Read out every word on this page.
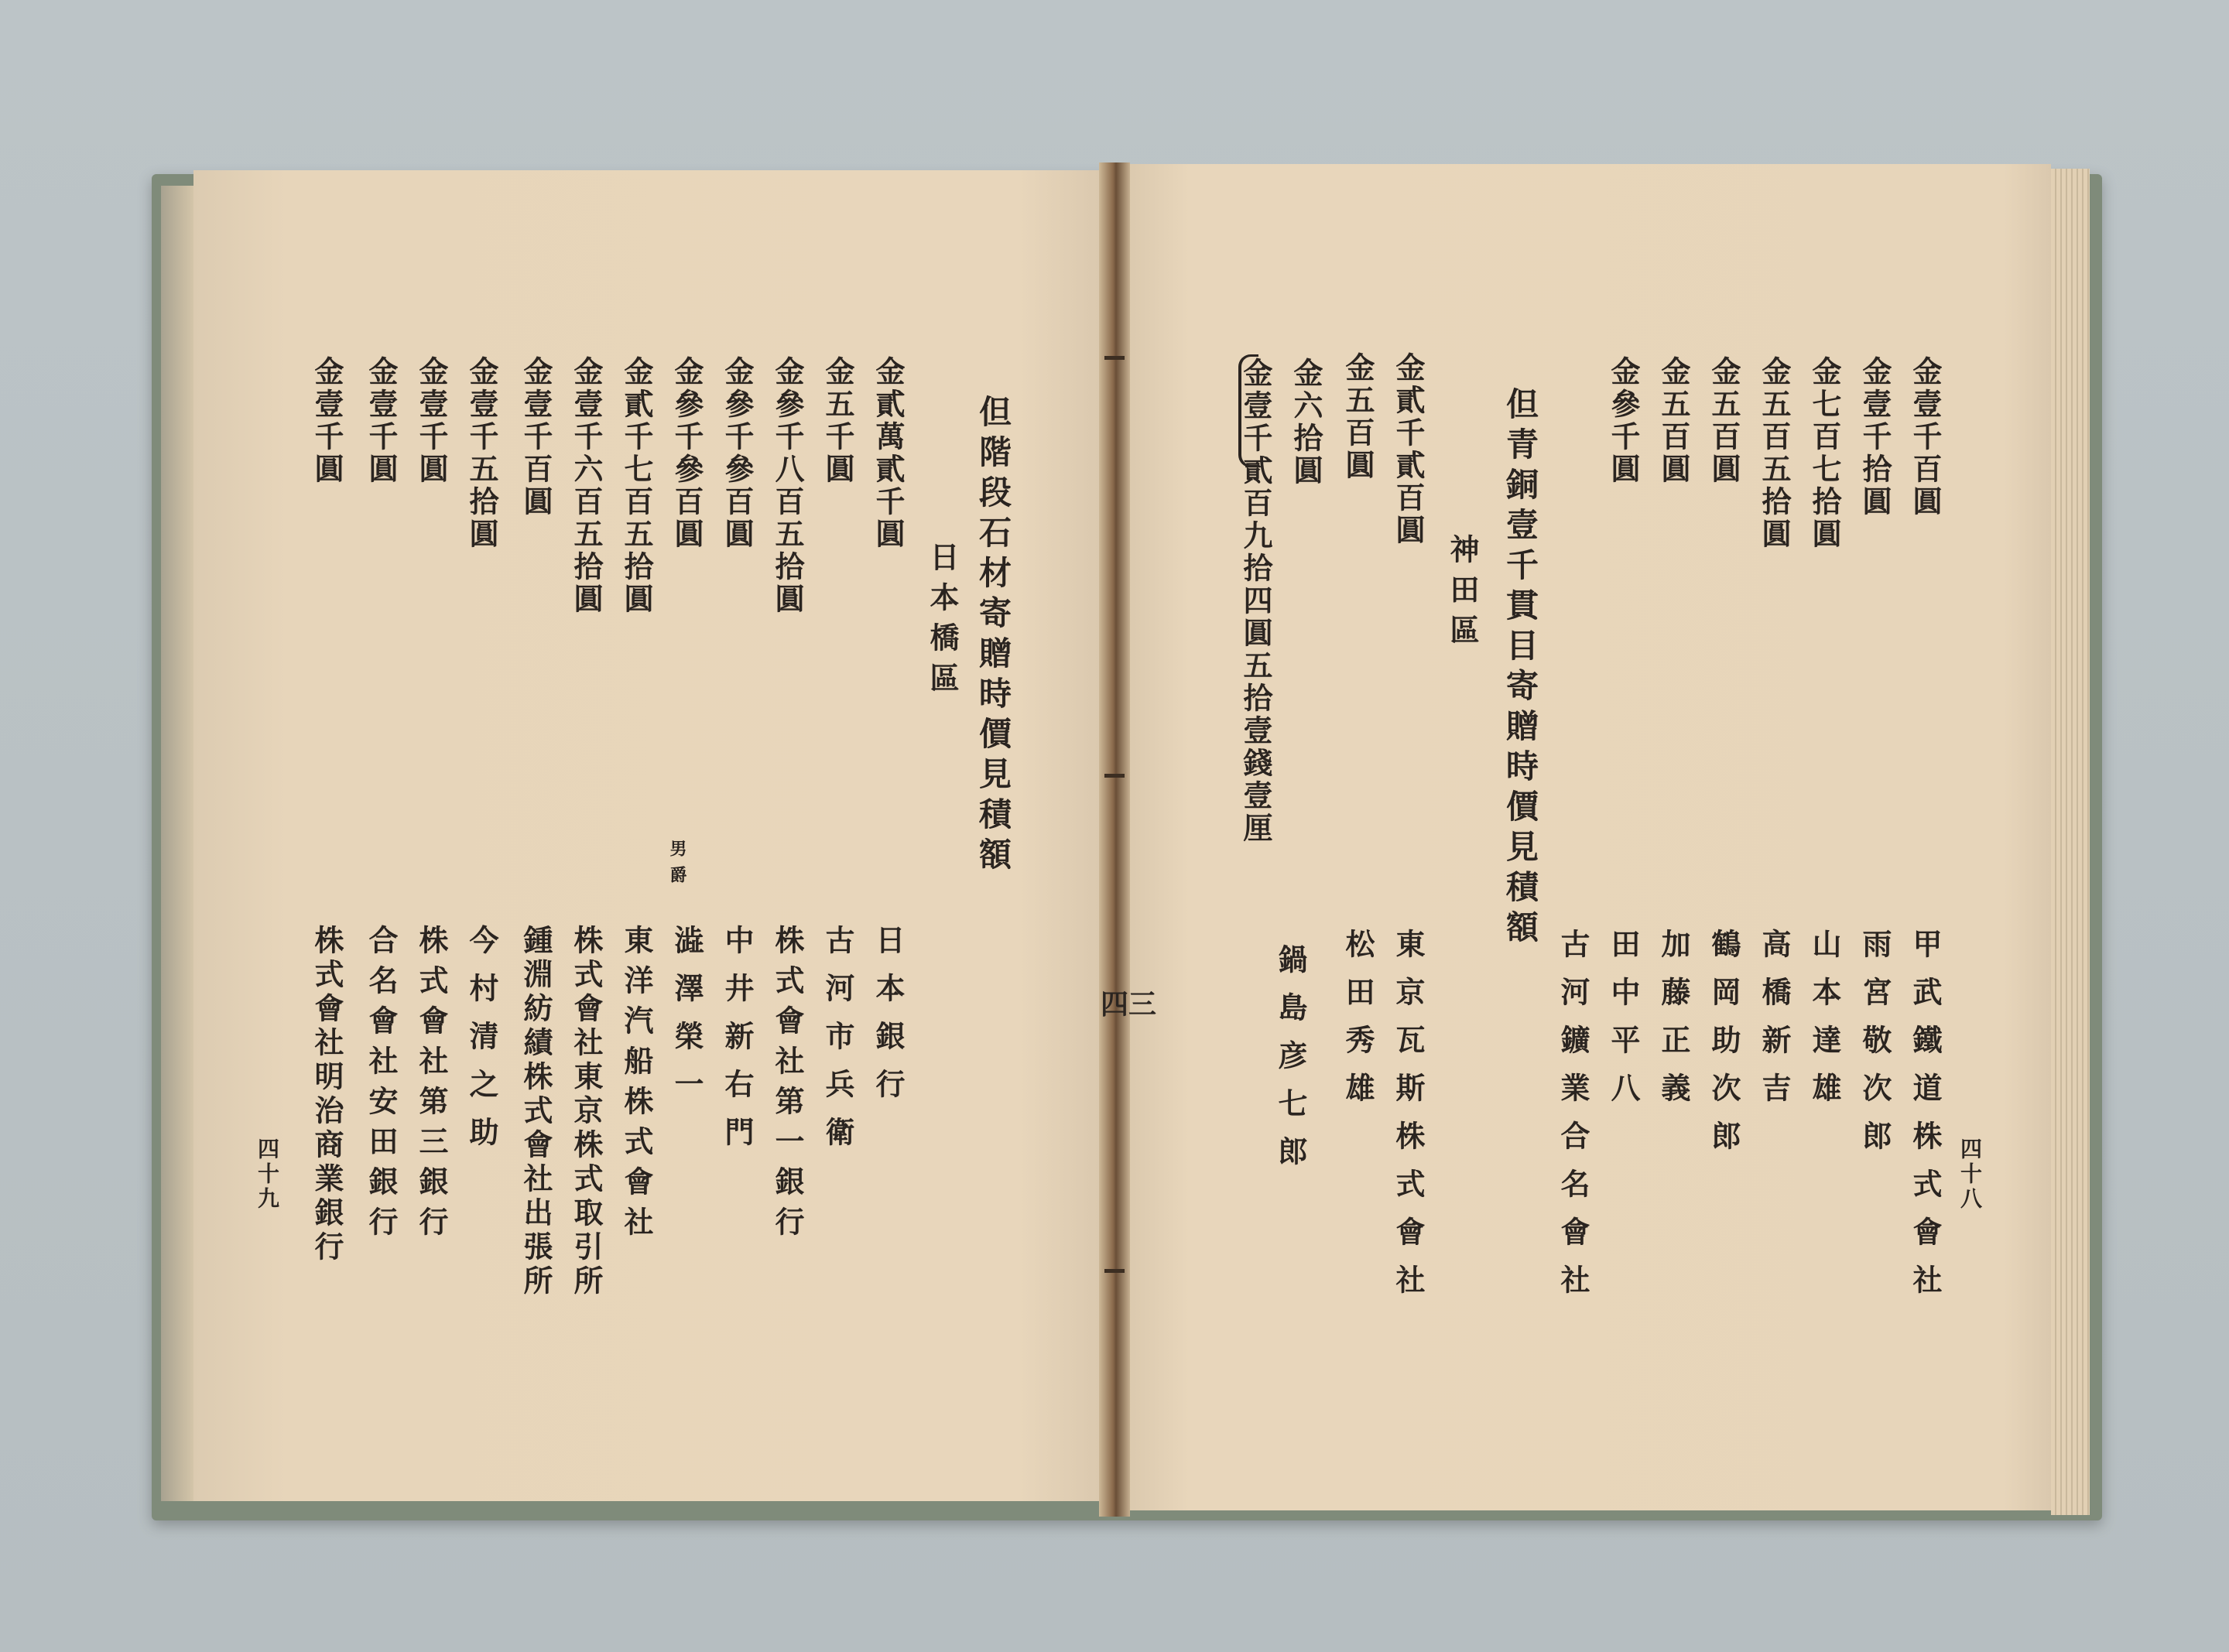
金壹千百圓
金壹千拾圓
金七百七拾圓
金五百五拾圓
金五百圓
金五百圓
金參千圓
但青銅壹千貫目寄贈時價見積額
神田區
金貳千貳百圓
金五百圓
金六拾圓
金壹千貳百九拾四圓五拾壹錢壹厘
甲武鐵道株式會社
雨宮敬次郎
山本達雄
高橋新吉
鶴岡助次郎
加藤正義
田中平八
古河鑛業合名會社
東京瓦斯株式會社
松田秀雄
鍋島彦七郎	四十八
四三
但階段石材寄贈時價見積額
日本橋區
金貳萬貳千圓
金五千圓
金參千八百五拾圓
金參千參百圓
金參千參百圓
金貳千七百五拾圓
金壹千六百五拾圓
金壹千百圓
金壹千五拾圓
金壹千圓
金壹千圓
金壹千圓
男爵
日本銀行
古河市兵衛
株式會社第一銀行
中井新右門
澁澤榮一
東洋汽船株式會社
株式會社東京株式取引所
鍾淵紡績株式會社出張所
今村清之助
株式會社第三銀行
合名會社安田銀行
株式會社明治商業銀行
四十九
